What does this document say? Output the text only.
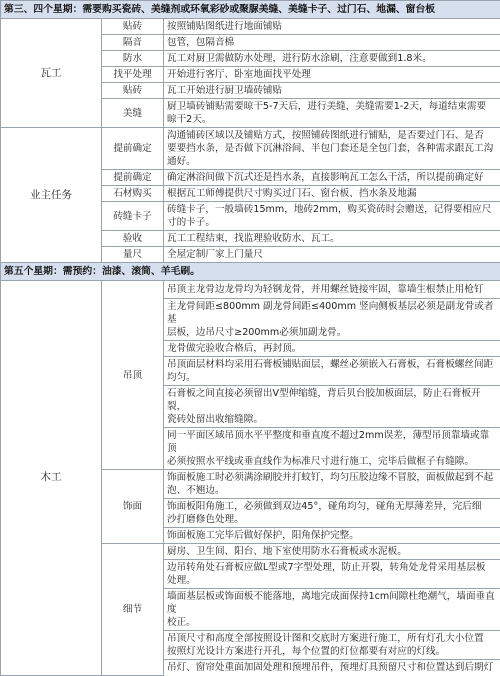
第三、四个星期：需要购买瓷砖、美缝剂或环氧彩砂或聚脲美缝、美缝卡子、过门石、地漏、窗台板		
瓦工	贴砖	按照铺贴图纸进行地面铺贴
	隔音	包管，包隔音棉
	防水	瓦工对厨卫需做防水处理，进行防水涂刷，注意要做到1.8米。
	找平处理	开始进行客厅、卧室地面找平处理
	贴砖	瓦工开始进行厨卫墙砖铺贴
	美缝	厨卫墙砖铺贴需要晾干5-7天后，进行美缝，美缝需要1-2天，每道结束需要
晾干2天。
业主任务	提前确定	沟通铺砖区域以及铺贴方式，按照铺砖图纸进行铺贴，是否要过门石、是否
要要挡水条，是否做下沉淋浴间、半包门套还是全包门套，各种需求跟瓦工沟
通好。
	提前确定	确定淋浴间做下沉式还是挡水条，直接影响瓦工怎么干活，所以提前确定好
	石材购买	根据瓦工师傅提供尺寸购买过门石、窗台板、挡水条及地漏
	砖缝卡子	砖缝卡子，一般墙砖15mm，地砖2mm，购买瓷砖时会赠送，记得要相应尺
寸的卡子。
	验收	瓦工工程结束，找监理验收防水、瓦工。
	量尺	全屋定制厂家上门量尺
第五个星期：需预约：油漆、滚筒、羊毛刷。		
木工	吊顶	吊顶主龙骨边龙骨均为轻钢龙骨，并用螺丝链接牢固，靠墙生根禁止用枪钉
		主龙骨间距≤800mm 副龙骨间距≤400mm 竖向侧板基层必须是副龙骨或者基
层板，边吊尺寸≥200mm必须加副龙骨。
		龙骨做完验收合格后，再封顶。
		吊顶面层材料均采用石膏板铺贴面层，螺丝必须嵌入石膏板，石膏板螺丝间距
均匀。
		石膏板之间直接必须留出V型伸缩缝，背后贝台胶加板面层，防止石膏板开裂，
瓷砖处留出收缩缝隙。
		同一平面区域吊顶水平平整度和垂直度不超过2mm误差，薄型吊顶靠墙或靠顶
必须按照水平线或垂直线作为标准尺寸进行施工，完毕后做框子有缝隙。
	饰面	饰面板施工时必须满涂刷胶并打蚊钉，均匀压胶边缘不冒胶，面板做起到不起
泡、不翘边。
		饰面板阳角施工，必须做到双边45°，碰角均匀，碰角无厚薄差异，完后细
沙打磨修色处理。
		饰面板施工完毕后做好保护，阳角保护完整。
	细节	厨房、卫生间、阳台、地下室使用防水石膏板或水泥板。
		边吊转角处石膏板应做L型或7字型处理，防止开裂，转角处龙骨采用基层板
处理。
		墙面基层板或饰面板不能落地，离地完成面保持1cm间隙杜绝潮气，墙面垂直度
校正。
		吊顶尺寸和高度全部按照设计图和交底时方案进行施工，所有灯孔大小位置
按照灯光设计方案进行开孔，每个位置的灯位都要有对应的灯线。
		吊灯、窗帘处重面加固处理和预埋吊件，预埋灯具预留尺寸和位置达到后期灯
